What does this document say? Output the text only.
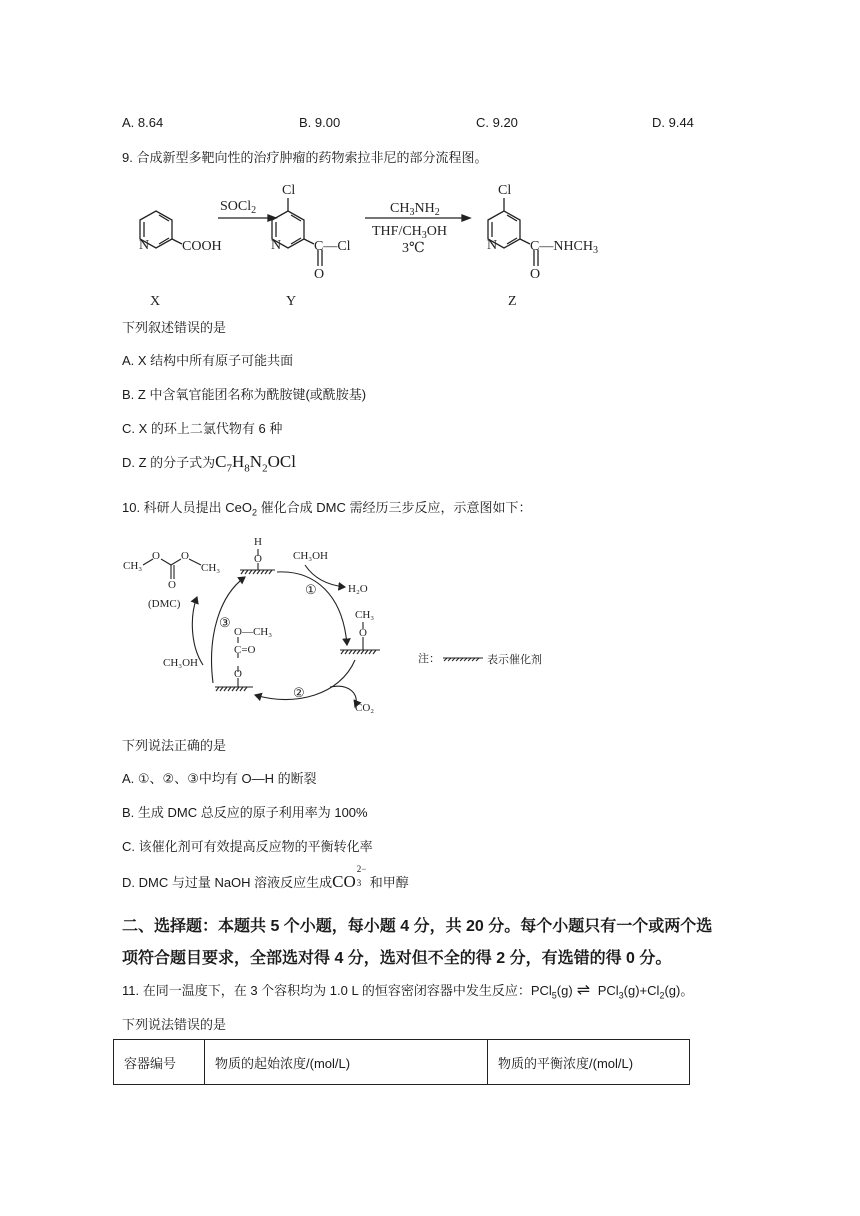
A. 8.64	B. 9.00	C. 9.20	D. 9.44
9. 合成新型多靶向性的治疗肿瘤的药物索拉非尼的部分流程图。
N COOH
X
SOCl$_2$
Cl
N C—Cl
O
Y
$CH_3NH_2$
THF/$CH_3OH$
3℃
Cl
N $C—NHCH_3$
O
Z
下列叙述错误的是
A. X 结构中所有原子可能共面
B. Z 中含氧官能团名称为酰胺键(或酰胺基)
C. X 的环上二氯代物有 6 种
D. Z 的分子式为$C_7H_8N_2OCl$
10. 科研人员提出 CeO$_2$ 催化合成 DMC 需经历三步反应，示意图如下：
CH₃
O
O
O
CH₃
(DMC)
H
O	CH₃OH
①	H₂O
CH₃
O
③
O—CH₃
C=O
O
CH₃OH
②
CO₂
注：	表示催化剂
下列说法正确的是
A. ①、②、③中均有 O—H 的断裂
B. 生成 DMC 总反应的原子利用率为 100%
C. 该催化剂可有效提高反应物的平衡转化率
D. DMC 与过量 NaOH 溶液反应生成CO
2−
3 和甲醇
二、选择题：本题共 5 个小题，每小题 4 分，共 20 分。每个小题只有一个或两个选
项符合题目要求，全部选对得 4 分，选对但不全的得 2 分，有选错的得 0 分。
11. 在同一温度下，在 3 个容积均为 1.0 L 的恒容密闭容器中发生反应：PCl$_5$(g) ⇌ $PCl_3(g)+Cl_2(g)$。
下列说法错误的是
容器编号	物质的起始浓度/(mol/L)	物质的平衡浓度/(mol/L)
